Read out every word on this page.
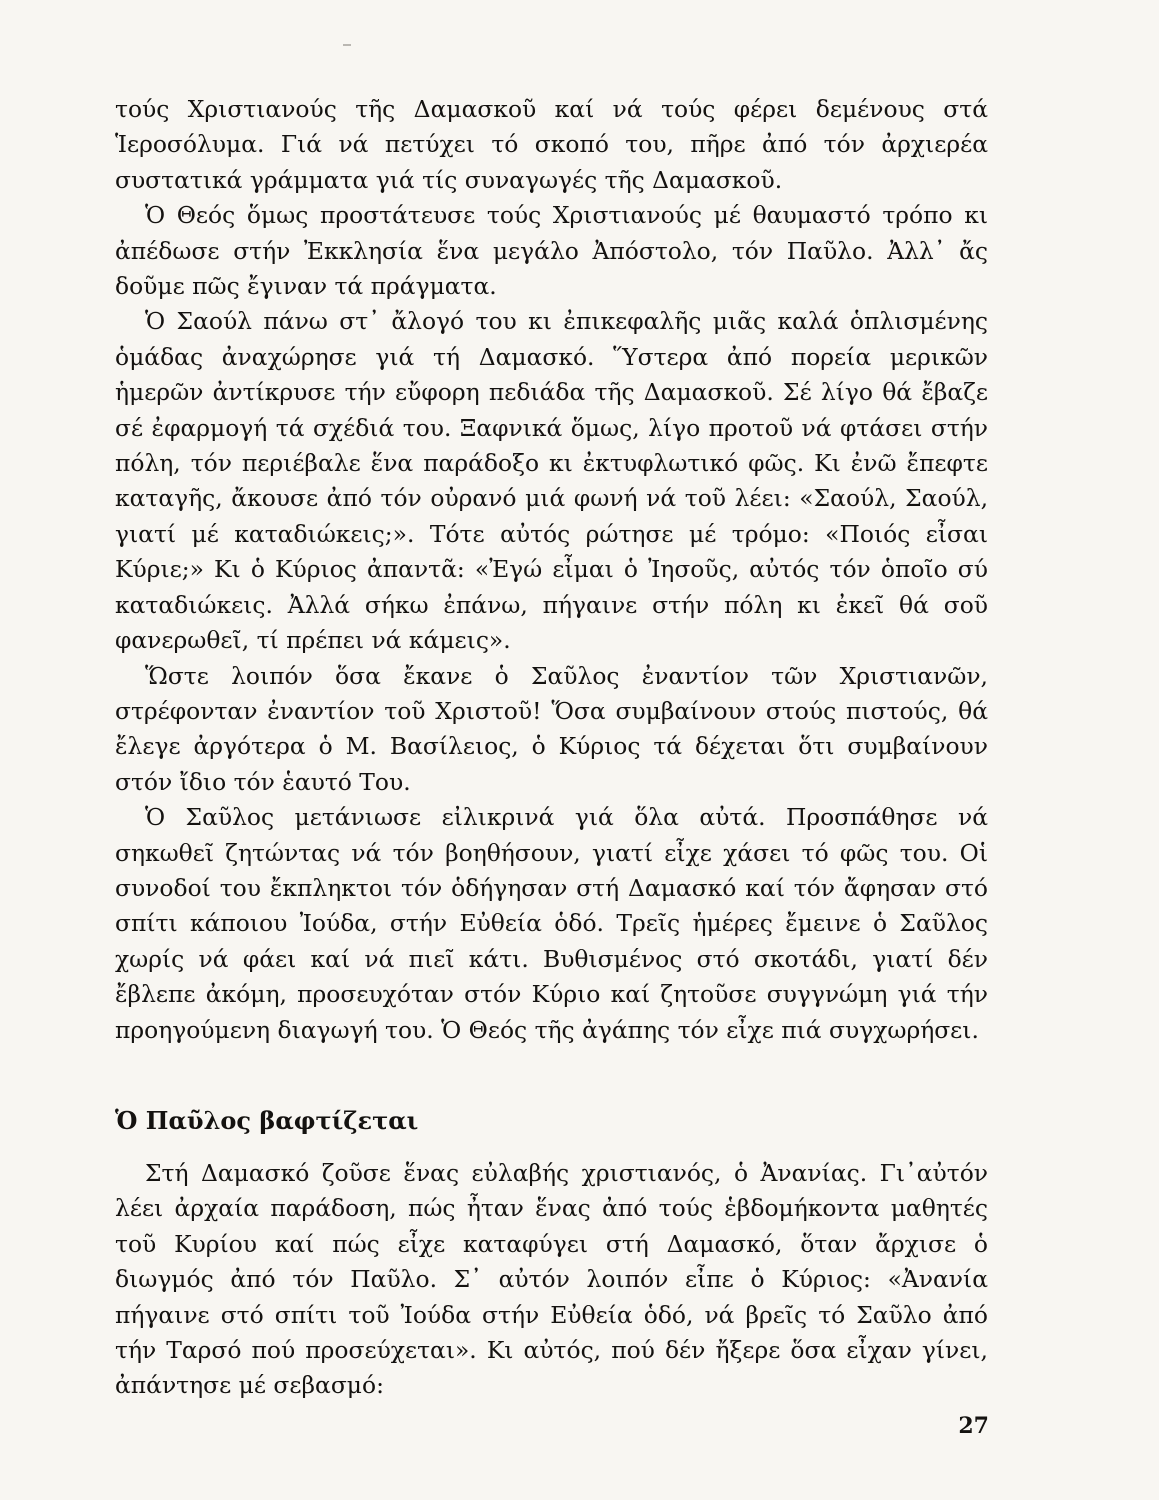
τούς Χριστιανούς τῆς Δαμασκοῦ καί νά τούς φέρει δεμένους στά Ἱεροσόλυμα. Γιά νά πετύχει τό σκοπό του, πῆρε ἀπό τόν ἀρχιερέα συστατικά γράμματα γιά τίς συναγωγές τῆς Δαμασκοῦ.

Ὁ Θεός ὅμως προστάτευσε τούς Χριστιανούς μέ θαυμαστό τρόπο κι ἀπέδωσε στήν Ἐκκλησία ἕνα μεγάλο Ἀπόστολο, τόν Παῦλο. Ἀλλ᾽ ἄς δοῦμε πῶς ἔγιναν τά πράγματα.

Ὁ Σαούλ πάνω στ᾽ ἄλογό του κι ἐπικεφαλῆς μιᾶς καλά ὁπλισμένης ὁμάδας ἀναχώρησε γιά τή Δαμασκό. Ὕστερα ἀπό πορεία μερικῶν ἡμερῶν ἀντίκρυσε τήν εὔφορη πεδιάδα τῆς Δαμασκοῦ. Σέ λίγο θά ἔβαζε σέ ἐφαρμογή τά σχέδιά του. Ξαφνικά ὅμως, λίγο προτοῦ νά φτάσει στήν πόλη, τόν περιέβαλε ἕνα παράδοξο κι ἐκτυφλωτικό φῶς. Κι ἐνῶ ἔπεφτε καταγῆς, ἄκουσε ἀπό τόν οὐρανό μιά φωνή νά τοῦ λέει: «Σαούλ, Σαούλ, γιατί μέ καταδιώκεις;». Τότε αὐτός ρώτησε μέ τρόμο: «Ποιός εἶσαι Κύριε;» Κι ὁ Κύριος ἀπαντᾶ: «Ἐγώ εἶμαι ὁ Ἰησοῦς, αὐτός τόν ὁποῖο σύ καταδιώκεις. Ἀλλά σήκω ἐπάνω, πήγαινε στήν πόλη κι ἐκεῖ θά σοῦ φανερωθεῖ, τί πρέπει νά κάμεις».

Ὥστε λοιπόν ὅσα ἔκανε ὁ Σαῦλος ἐναντίον τῶν Χριστιανῶν, στρέφονταν ἐναντίον τοῦ Χριστοῦ! Ὅσα συμβαίνουν στούς πιστούς, θά ἔλεγε ἀργότερα ὁ Μ. Βασίλειος, ὁ Κύριος τά δέχεται ὅτι συμβαίνουν στόν ἴδιο τόν ἑαυτό Του.

Ὁ Σαῦλος μετάνιωσε εἰλικρινά γιά ὅλα αὐτά. Προσπάθησε νά σηκωθεῖ ζητώντας νά τόν βοηθήσουν, γιατί εἶχε χάσει τό φῶς του. Οἱ συνοδοί του ἔκπληκτοι τόν ὁδήγησαν στή Δαμασκό καί τόν ἄφησαν στό σπίτι κάποιου Ἰούδα, στήν Εὐθεία ὁδό. Τρεῖς ἡμέρες ἔμεινε ὁ Σαῦλος χωρίς νά φάει καί νά πιεῖ κάτι. Βυθισμένος στό σκοτάδι, γιατί δέν ἔβλεπε ἀκόμη, προσευχόταν στόν Κύριο καί ζητοῦσε συγγνώμη γιά τήν προηγούμενη διαγωγή του. Ὁ Θεός τῆς ἀγάπης τόν εἶχε πιά συγχωρήσει.

Ὁ Παῦλος βαφτίζεται

Στή Δαμασκό ζοῦσε ἕνας εὐλαβής χριστιανός, ὁ Ἀνανίας. Γι᾽αὐτόν λέει ἀρχαία παράδοση, πώς ἦταν ἕνας ἀπό τούς ἑβδομήκοντα μαθητές τοῦ Κυρίου καί πώς εἶχε καταφύγει στή Δαμασκό, ὅταν ἄρχισε ὁ διωγμός ἀπό τόν Παῦλο. Σ᾽ αὐτόν λοιπόν εἶπε ὁ Κύριος: «Ἀνανία πήγαινε στό σπίτι τοῦ Ἰούδα στήν Εὐθεία ὁδό, νά βρεῖς τό Σαῦλο ἀπό τήν Ταρσό πού προσεύχεται». Κι αὐτός, πού δέν ἤξερε ὅσα εἶχαν γίνει, ἀπάντησε μέ σεβασμό:

27
